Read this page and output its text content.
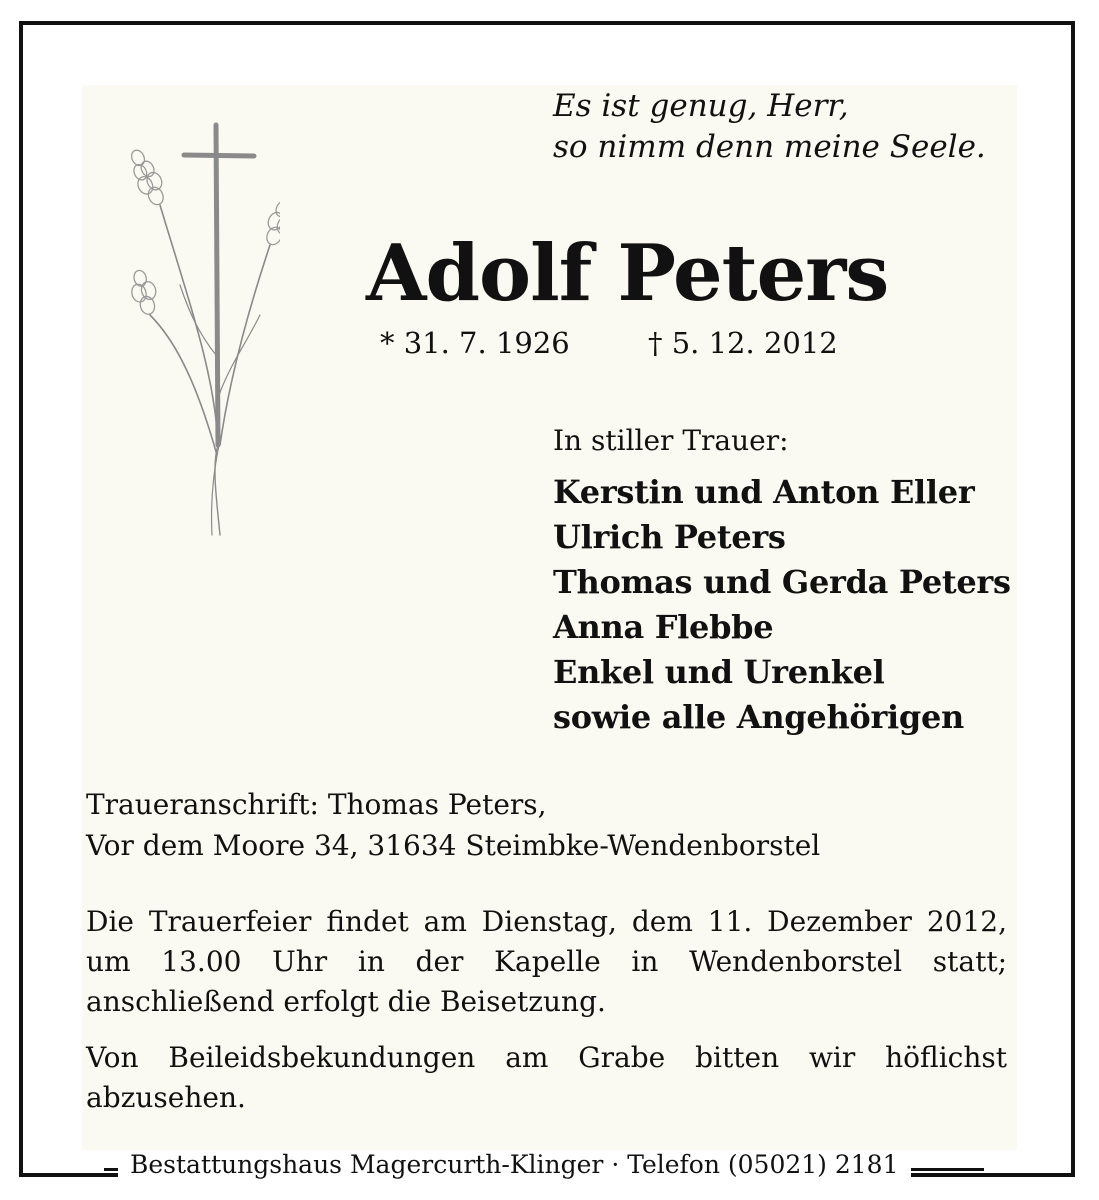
Es ist genug, Herr,
so nimm denn meine Seele.
Adolf Peters
* 31. 7. 1926	† 5. 12. 2012
In stiller Trauer:
Kerstin und Anton Eller
Ulrich Peters
Thomas und Gerda Peters
Anna Flebbe
Enkel und Urenkel
sowie alle Angehörigen
Traueranschrift: Thomas Peters,
Vor dem Moore 34, 31634 Steimbke-Wendenborstel
Die Trauerfeier findet am Dienstag, dem 11. Dezember 2012, um 13.00 Uhr in der Kapelle in Wendenborstel statt; anschließend erfolgt die Beisetzung.
Von Beileidsbekundungen am Grabe bitten wir höflichst abzusehen.
Bestattungshaus Magercurth-Klinger · Telefon (05021) 2181
